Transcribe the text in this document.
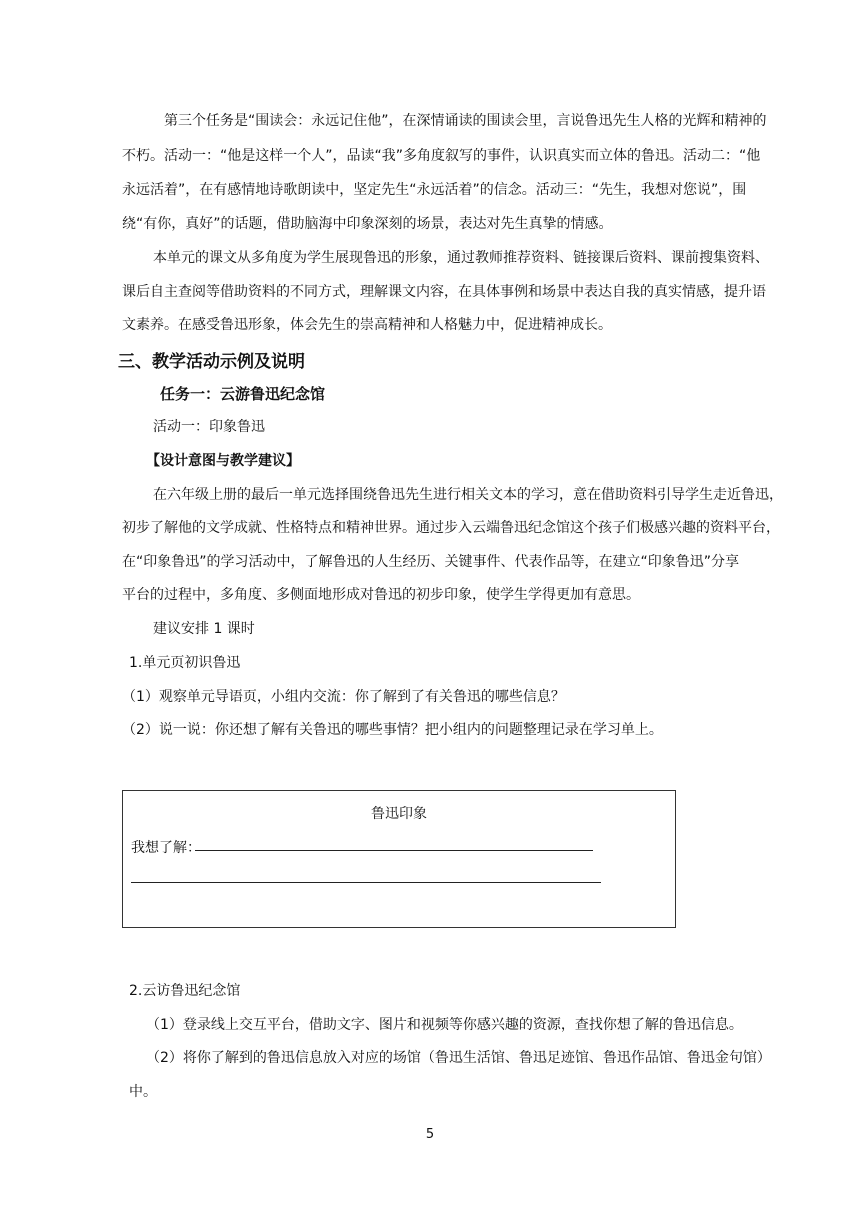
第三个任务是“围读会：永远记住他”，在深情诵读的围读会里，言说鲁迅先生人格的光辉和精神的
不朽。活动一：“他是这样一个人”，品读“我”多角度叙写的事件，认识真实而立体的鲁迅。活动二：“他
永远活着”，在有感情地诗歌朗读中，坚定先生“永远活着”的信念。活动三：“先生，我想对您说”，围
绕“有你，真好”的话题，借助脑海中印象深刻的场景，表达对先生真挚的情感。
本单元的课文从多角度为学生展现鲁迅的形象，通过教师推荐资料、链接课后资料、课前搜集资料、
课后自主查阅等借助资料的不同方式，理解课文内容，在具体事例和场景中表达自我的真实情感，提升语
文素养。在感受鲁迅形象，体会先生的崇高精神和人格魅力中，促进精神成长。
三、教学活动示例及说明
任务一：云游鲁迅纪念馆
活动一：印象鲁迅
【设计意图与教学建议】
在六年级上册的最后一单元选择围绕鲁迅先生进行相关文本的学习，意在借助资料引导学生走近鲁迅，
初步了解他的文学成就、性格特点和精神世界。通过步入云端鲁迅纪念馆这个孩子们极感兴趣的资料平台，
在“印象鲁迅”的学习活动中，了解鲁迅的人生经历、关键事件、代表作品等，在建立“印象鲁迅”分享
平台的过程中，多角度、多侧面地形成对鲁迅的初步印象，使学生学得更加有意思。
建议安排 1 课时
1.单元页初识鲁迅
（1）观察单元导语页，小组内交流：你了解到了有关鲁迅的哪些信息？
（2）说一说：你还想了解有关鲁迅的哪些事情？把小组内的问题整理记录在学习单上。
鲁迅印象
我想了解：
2.云访鲁迅纪念馆
（1）登录线上交互平台，借助文字、图片和视频等你感兴趣的资源，查找你想了解的鲁迅信息。
（2）将你了解到的鲁迅信息放入对应的场馆（鲁迅生活馆、鲁迅足迹馆、鲁迅作品馆、鲁迅金句馆）
中。
5
